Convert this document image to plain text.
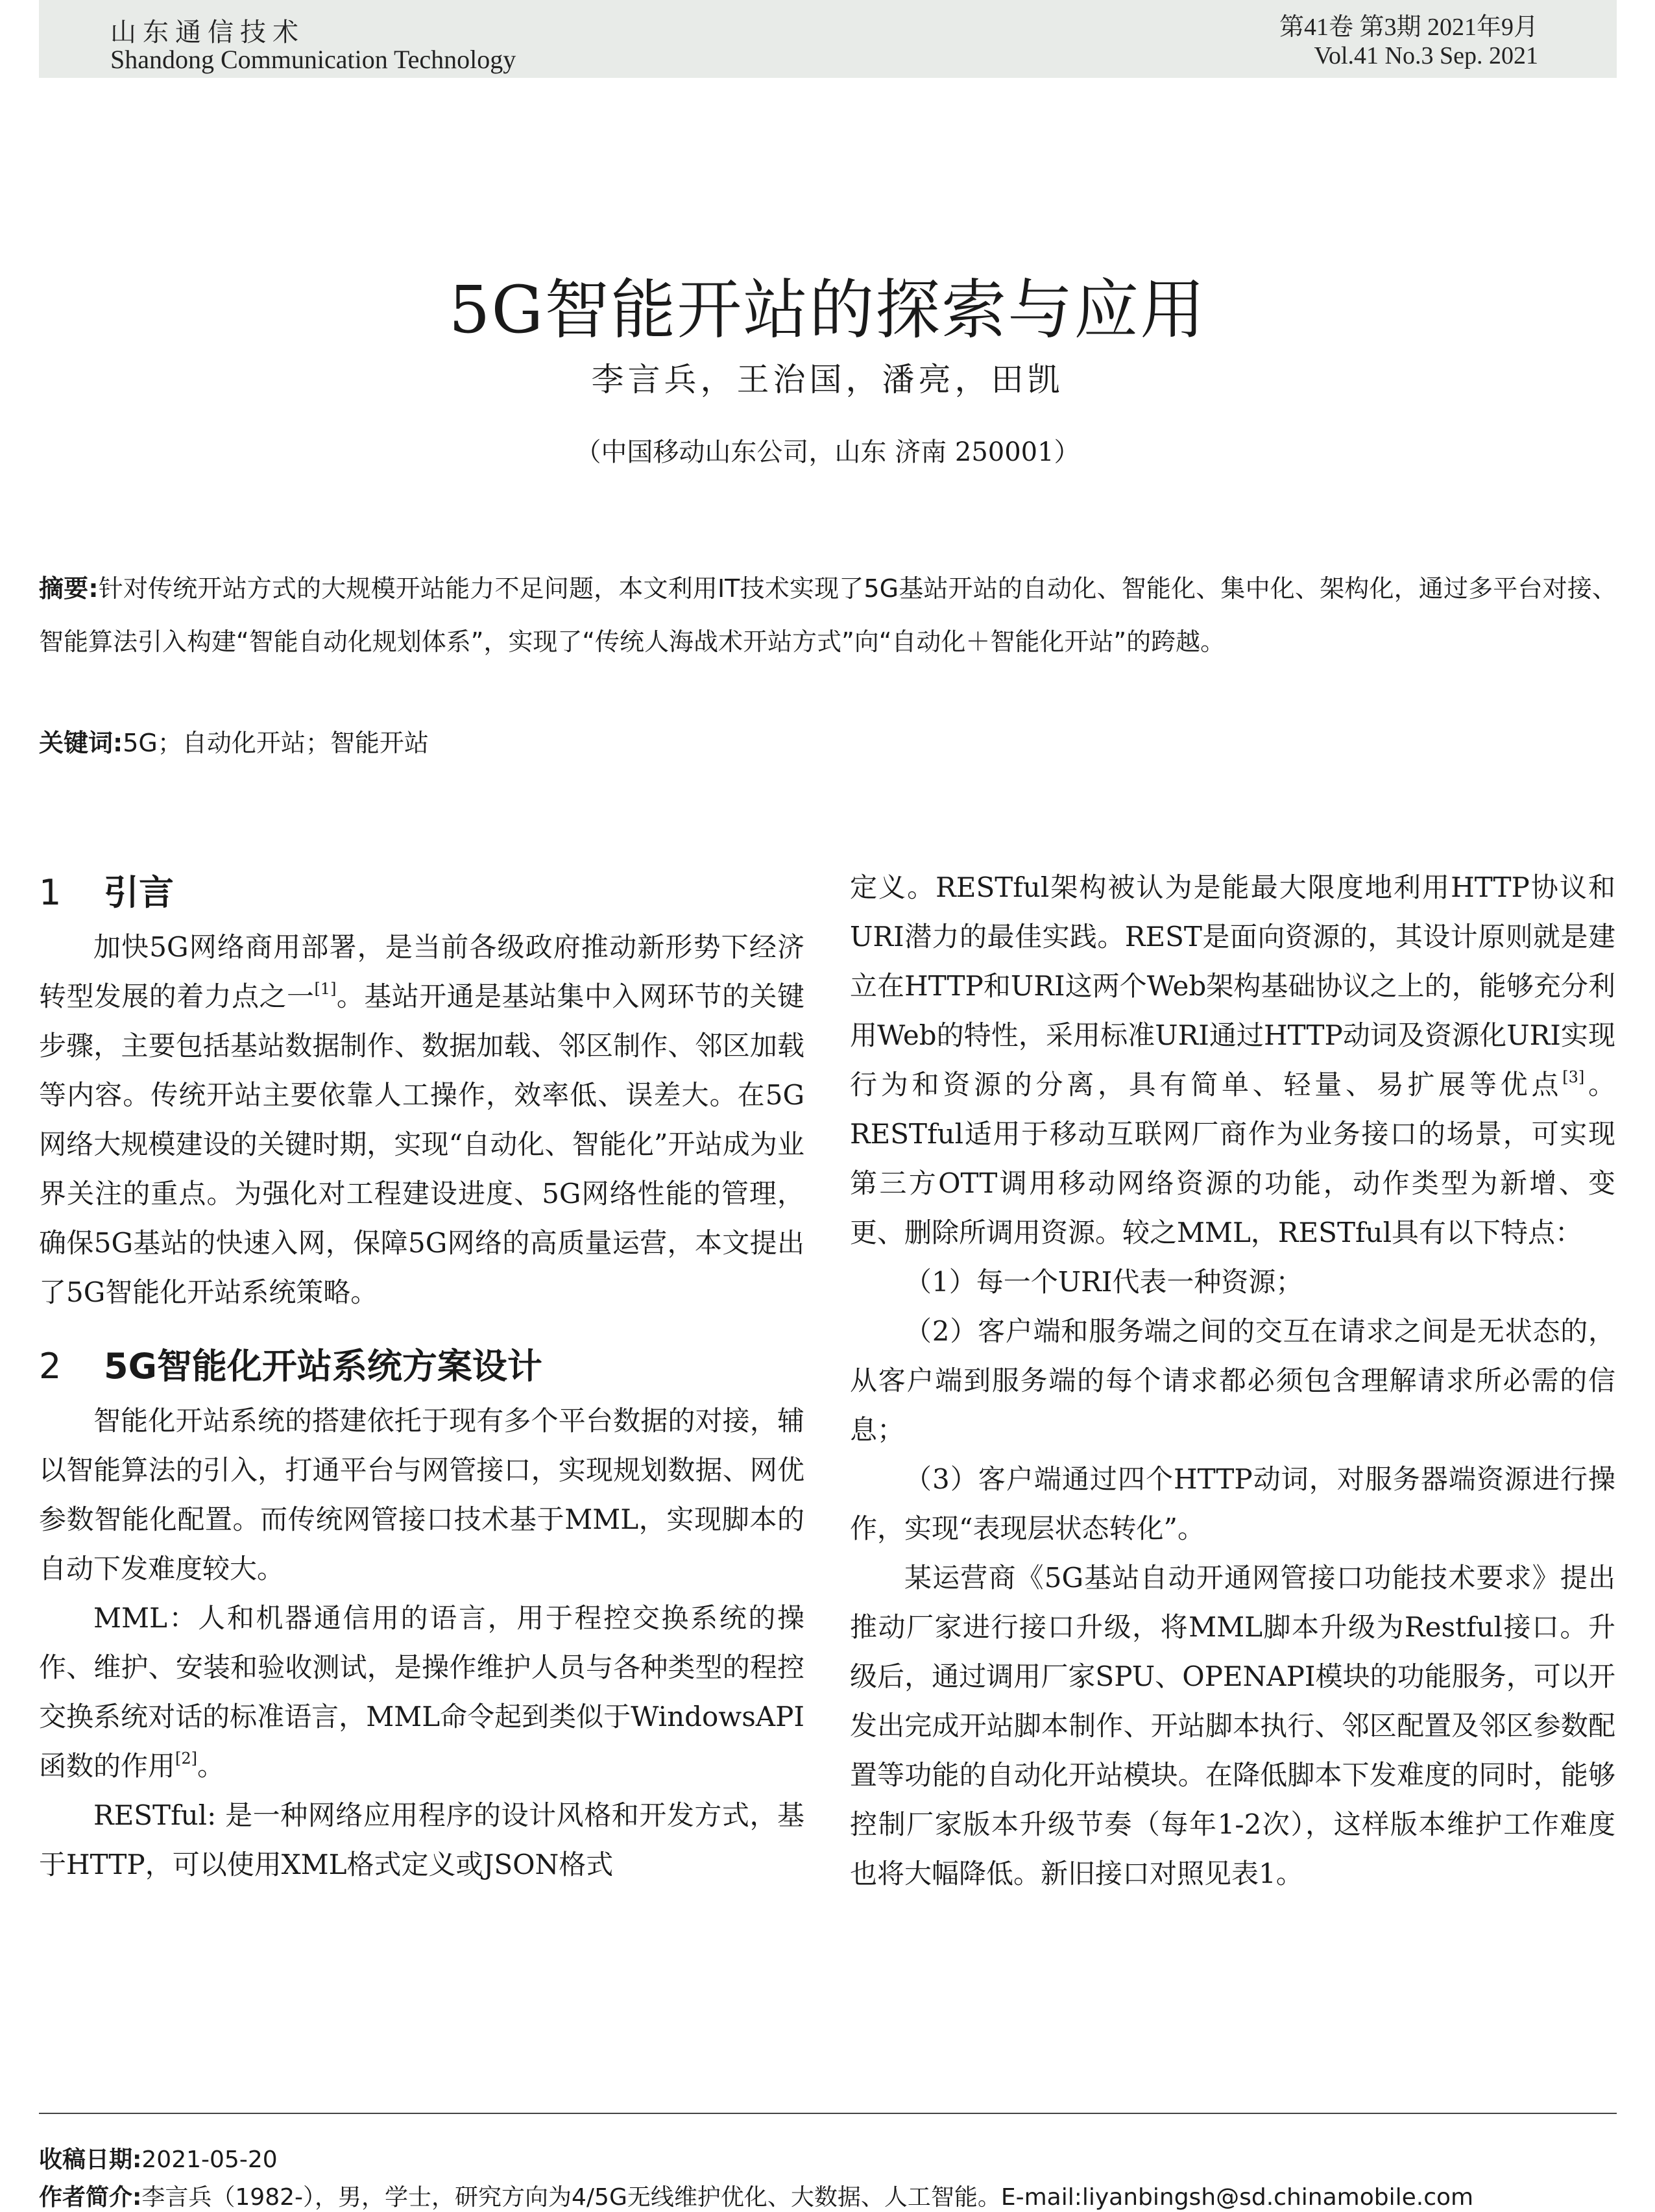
山东通信技术
Shandong Communication Technology
第41卷 第3期 2021年9月
Vol.41 No.3 Sep. 2021
5G智能开站的探索与应用
李言兵，王治国，潘亮，田凯
（中国移动山东公司，山东 济南 250001）
摘要:针对传统开站方式的大规模开站能力不足问题，本文利用IT技术实现了5G基站开站的自动化、智能化、集中化、架构化，通过多平台对接、智能算法引入构建“智能自动化规划体系”，实现了“传统人海战术开站方式”向“自动化＋智能化开站”的跨越。
关键词:5G；自动化开站；智能开站
1 引言

加快5G网络商用部署，是当前各级政府推动新形势下经济转型发展的着力点之一[1]。基站开通是基站集中入网环节的关键步骤，主要包括基站数据制作、数据加载、邻区制作、邻区加载等内容。传统开站主要依靠人工操作，效率低、误差大。在5G网络大规模建设的关键时期，实现“自动化、智能化”开站成为业界关注的重点。为强化对工程建设进度、5G网络性能的管理，确保5G基站的快速入网，保障5G网络的高质量运营，本文提出了5G智能化开站系统策略。

2 5G智能化开站系统方案设计

智能化开站系统的搭建依托于现有多个平台数据的对接，辅以智能算法的引入，打通平台与网管接口，实现规划数据、网优参数智能化配置。而传统网管接口技术基于MML，实现脚本的自动下发难度较大。

MML：人和机器通信用的语言，用于程控交换系统的操作、维护、安装和验收测试，是操作维护人员与各种类型的程控交换系统对话的标准语言，MML命令起到类似于WindowsAPI函数的作用[2]。

RESTful: 是一种网络应用程序的设计风格和开发方式，基于HTTP，可以使用XML格式定义或JSON格式

定义。RESTful架构被认为是能最大限度地利用HTTP协议和URI潜力的最佳实践。REST是面向资源的，其设计原则就是建立在HTTP和URI这两个Web架构基础协议之上的，能够充分利用Web的特性，采用标准URI通过HTTP动词及资源化URI实现行为和资源的分离，具有简单、轻量、易扩展等优点[3]。RESTful适用于移动互联网厂商作为业务接口的场景，可实现第三方OTT调用移动网络资源的功能，动作类型为新增、变更、删除所调用资源。较之MML，RESTful具有以下特点：

（1）每一个URI代表一种资源；

（2）客户端和服务端之间的交互在请求之间是无状态的，从客户端到服务端的每个请求都必须包含理解请求所必需的信息；

（3）客户端通过四个HTTP动词，对服务器端资源进行操作，实现“表现层状态转化”。

某运营商《5G基站自动开通网管接口功能技术要求》提出推动厂家进行接口升级，将MML脚本升级为Restful接口。升级后，通过调用厂家SPU、OPENAPI模块的功能服务，可以开发出完成开站脚本制作、开站脚本执行、邻区配置及邻区参数配置等功能的自动化开站模块。在降低脚本下发难度的同时，能够控制厂家版本升级节奏（每年1-2次），这样版本维护工作难度也将大幅降低。新旧接口对照见表1。

收稿日期:2021-05-20
作者简介:李言兵（1982-），男，学士，研究方向为4/5G无线维护优化、大数据、人工智能。E-mail:liyanbingsh@sd.chinamobile.com
